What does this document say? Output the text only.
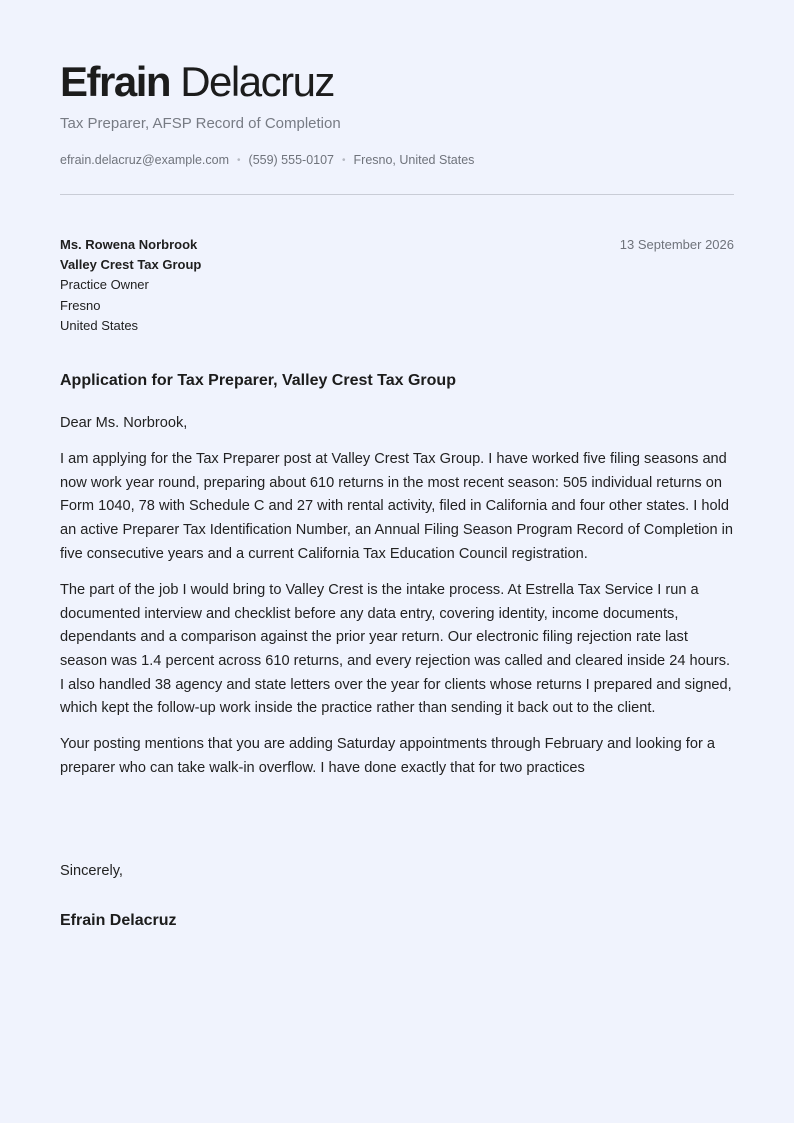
Efrain Delacruz
Tax Preparer, AFSP Record of Completion
efrain.delacruz@example.com • (559) 555-0107 • Fresno, United States
Ms. Rowena Norbrook
Valley Crest Tax Group
Practice Owner
Fresno
United States
13 September 2026
Application for Tax Preparer, Valley Crest Tax Group

Dear Ms. Norbrook,

I am applying for the Tax Preparer post at Valley Crest Tax Group. I have worked five filing seasons and now work year round, preparing about 610 returns in the most recent season: 505 individual returns on Form 1040, 78 with Schedule C and 27 with rental activity, filed in California and four other states. I hold an active Preparer Tax Identification Number, an Annual Filing Season Program Record of Completion in five consecutive years and a current California Tax Education Council registration.

The part of the job I would bring to Valley Crest is the intake process. At Estrella Tax Service I run a documented interview and checklist before any data entry, covering identity, income documents, dependants and a comparison against the prior year return. Our electronic filing rejection rate last season was 1.4 percent across 610 returns, and every rejection was called and cleared inside 24 hours. I also handled 38 agency and state letters over the year for clients whose returns I prepared and signed, which kept the follow-up work inside the practice rather than sending it back out to the client.

Your posting mentions that you are adding Saturday appointments through February and looking for a preparer who can take walk-in overflow. I have done exactly that for two practices

Sincerely,
Efrain Delacruz
